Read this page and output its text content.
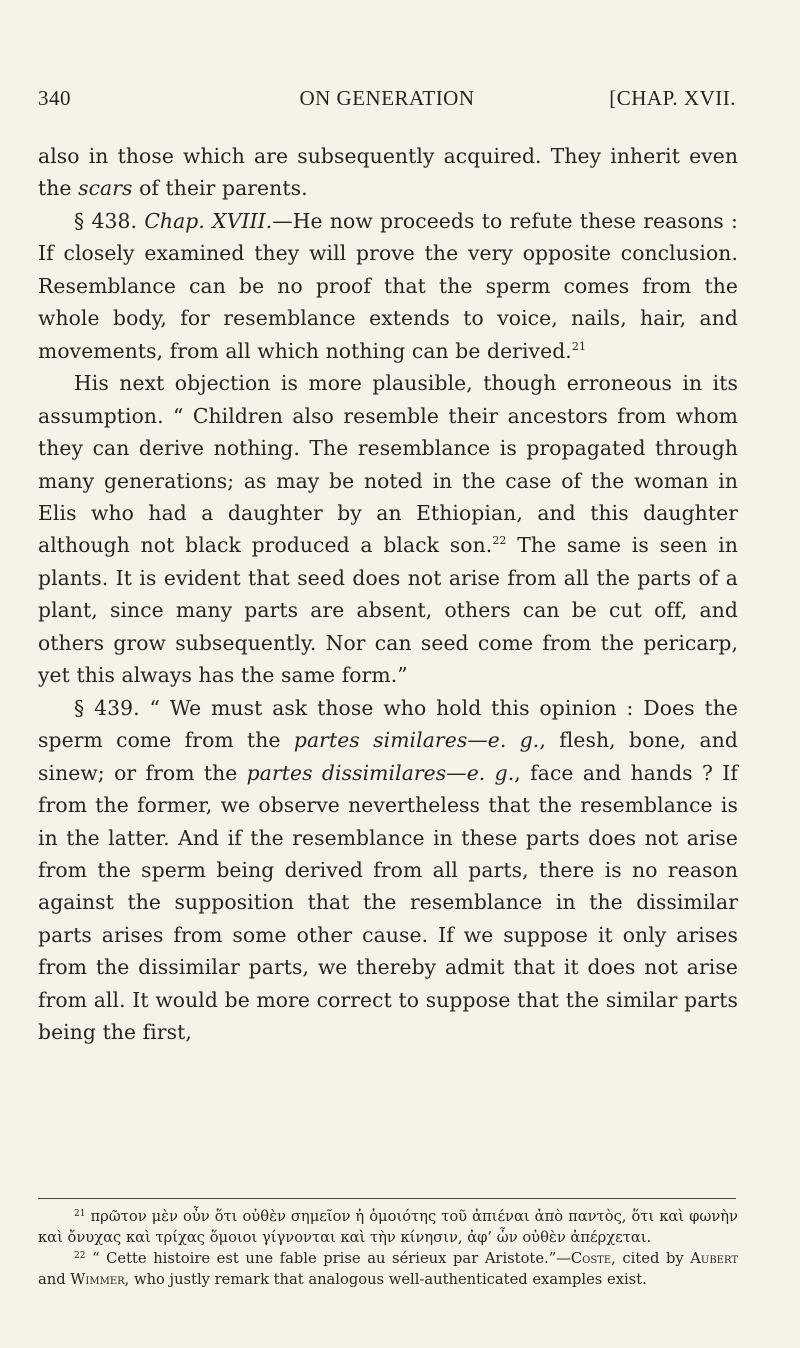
340	ON GENERATION	[CHAP. XVII.

also in those which are subsequently acquired. They inherit even the scars of their parents.

§ 438. Chap. XVIII.—He now proceeds to refute these reasons : If closely examined they will prove the very opposite conclusion. Resemblance can be no proof that the sperm comes from the whole body, for resemblance extends to voice, nails, hair, and movements, from all which nothing can be derived.$^{21}$

His next objection is more plausible, though erroneous in its assumption. “ Children also resemble their ancestors from whom they can derive nothing. The resemblance is propagated through many generations; as may be noted in the case of the woman in Elis who had a daughter by an Ethiopian, and this daughter although not black produced a black son.$^{22}$ The same is seen in plants. It is evident that seed does not arise from all the parts of a plant, since many parts are absent, others can be cut off, and others grow subsequently. Nor can seed come from the pericarp, yet this always has the same form.”

§ 439. “ We must ask those who hold this opinion : Does the sperm come from the partes similares—e. g., flesh, bone, and sinew; or from the partes dissimilares—e. g., face and hands ? If from the former, we observe nevertheless that the resemblance is in the latter. And if the resemblance in these parts does not arise from the sperm being derived from all parts, there is no reason against the supposition that the resemblance in the dissimilar parts arises from some other cause. If we suppose it only arises from the dissimilar parts, we thereby admit that it does not arise from all. It would be more correct to suppose that the similar parts being the first,

$^{21}$ πρῶτον μὲν οὖν ὅτι οὐθὲν σημεῖον ἡ ὁμοιότης τοῦ ἀπιέναι ἀπὸ παντὸς, ὅτι καὶ φωνὴν καὶ ὄνυχας καὶ τρίχας ὅμοιοι γίγνονται καὶ τὴν κίνησιν, ἀφ’ ὧν οὐθὲν ἀπέρχεται.

$^{22}$ “ Cette histoire est une fable prise au sérieux par Aristote.”—Coste, cited by Aubert and Wimmer, who justly remark that analogous well-authenticated examples exist.
